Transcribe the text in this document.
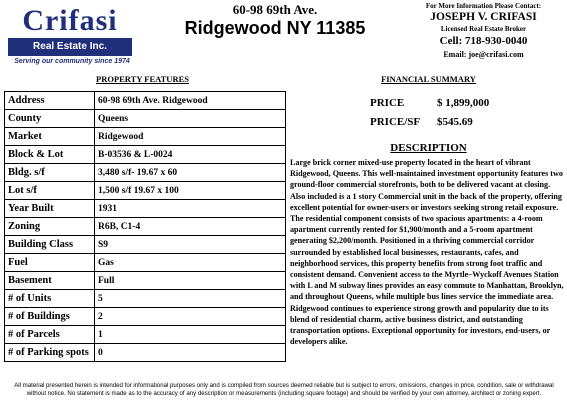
Crifasi
Real Estate Inc.
Serving our community since 1974
60-98 69th Ave.
Ridgewood NY 11385
For More Information Please Contact:
JOSEPH V. CRIFASI
Licensed Real Estate Broker
Cell: 718-930-0040
Email: joe@crifasi.com
PROPERTY FEATURES	FINANCIAL SUMMARY
Address	60-98 69th Ave. Ridgewood
County	Queens
Market	Ridgewood
Block & Lot	B-03536 & L-0024
Bldg. s/f	3,480 s/f- 19.67 x 60
Lot s/f	1,500 s/f 19.67 x 100
Year Built	1931
Zoning	R6B, C1-4
Building Class	S9
Fuel	Gas
Basement	Full
# of Units	5
# of Buildings	2
# of Parcels	1
# of Parking spots	0
PRICE	$ 1,899,000
PRICE/SF $545.69
DESCRIPTION
Large brick corner mixed-use property located in the heart of vibrant Ridgewood, Queens. This well-maintained investment opportunity features two ground-floor commercial storefronts, both to be delivered vacant at closing. Also included is a 1 story Commercial unit in the back of the property, offering excellent potential for owner-users or investors seeking strong retail exposure. The residential component consists of two spacious apartments: a 4-room apartment currently rented for $1,900/month and a 5-room apartment generating $2,200/month. Positioned in a thriving commercial corridor surrounded by established local businesses, restaurants, cafes, and neighborhood services, this property benefits from strong foot traffic and consistent demand. Convenient access to the Myrtle–Wyckoff Avenues Station with L and M subway lines provides an easy commute to Manhattan, Brooklyn, and throughout Queens, while multiple bus lines service the immediate area. Ridgewood continues to experience strong growth and popularity due to its blend of residential charm, active business district, and outstanding transportation options. Exceptional opportunity for investors, end-users, or developers alike.
All material presented herein is intended for informational purposes only and is compiled from sources deemed reliable but is subject to errors, omissions, changes in price, condition, sale or withdrawal without notice. No statement is made as to the accuracy of any description or measurements (including square footage) and should be verified by your own attorney, architect or zoning expert.
